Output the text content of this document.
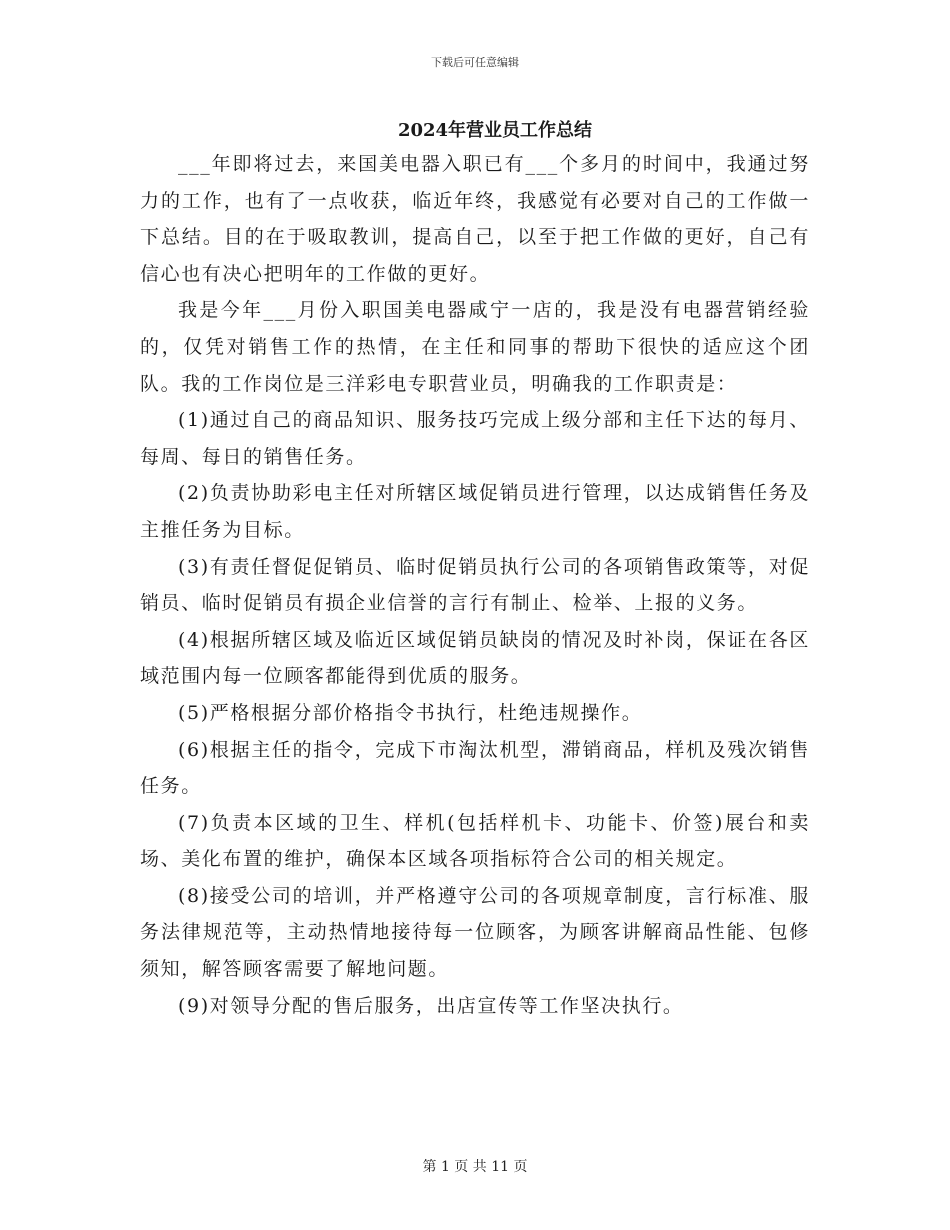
下载后可任意编辑
2024年营业员工作总结

___年即将过去，来国美电器入职已有___个多月的时间中，我通过努力的工作，也有了一点收获，临近年终，我感觉有必要对自己的工作做一下总结。目的在于吸取教训，提高自己，以至于把工作做的更好，自己有信心也有决心把明年的工作做的更好。

我是今年___月份入职国美电器咸宁一店的，我是没有电器营销经验的，仅凭对销售工作的热情，在主任和同事的帮助下很快的适应这个团队。我的工作岗位是三洋彩电专职营业员，明确我的工作职责是：

(1)通过自己的商品知识、服务技巧完成上级分部和主任下达的每月、每周、每日的销售任务。

(2)负责协助彩电主任对所辖区域促销员进行管理，以达成销售任务及主推任务为目标。

(3)有责任督促促销员、临时促销员执行公司的各项销售政策等，对促销员、临时促销员有损企业信誉的言行有制止、检举、上报的义务。

(4)根据所辖区域及临近区域促销员缺岗的情况及时补岗，保证在各区域范围内每一位顾客都能得到优质的服务。

(5)严格根据分部价格指令书执行，杜绝违规操作。

(6)根据主任的指令，完成下市淘汰机型，滞销商品，样机及残次销售任务。

(7)负责本区域的卫生、样机(包括样机卡、功能卡、价签)展台和卖场、美化布置的维护，确保本区域各项指标符合公司的相关规定。

(8)接受公司的培训，并严格遵守公司的各项规章制度，言行标准、服务法律规范等，主动热情地接待每一位顾客，为顾客讲解商品性能、包修须知，解答顾客需要了解地问题。

(9)对领导分配的售后服务，出店宣传等工作坚决执行。

第 1 页 共 11 页
